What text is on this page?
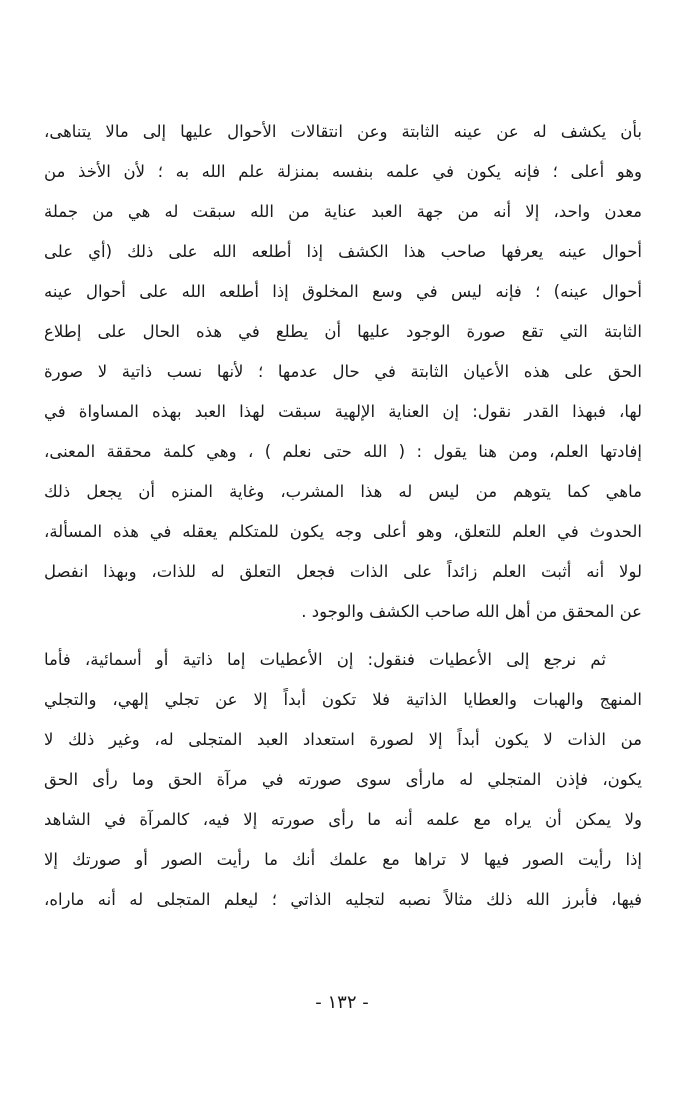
بأن يكشف له عن عينه الثابتة وعن انتقالات الأحوال عليها إلى مالا يتناهى،
وهو أعلى ؛ فإنه يكون في علمه بنفسه بمنزلة علم الله به ؛ لأن الأخذ من
معدن واحد، إلا أنه من جهة العبد عناية من الله سبقت له هي من جملة
أحوال عينه يعرفها صاحب هذا الكشف إذا أطلعه الله على ذلك (أي على
أحوال عينه) ؛ فإنه ليس في وسع المخلوق إذا أطلعه الله على أحوال عينه
الثابتة التي تقع صورة الوجود عليها أن يطلع في هذه الحال على إطلاع
الحق على هذه الأعيان الثابتة في حال عدمها ؛ لأنها نسب ذاتية لا صورة
لها، فبهذا القدر نقول: إن العناية الإلهية سبقت لهذا العبد بهذه المساواة في
إفادتها العلم، ومن هنا يقول : ( الله حتى نعلم ) ، وهي كلمة محققة المعنى،
ماهي كما يتوهم من ليس له هذا المشرب، وغاية المنزه أن يجعل ذلك
الحدوث في العلم للتعلق، وهو أعلى وجه يكون للمتكلم يعقله في هذه المسألة،
لولا أنه أثبت العلم زائداً على الذات فجعل التعلق له للذات، وبهذا انفصل
عن المحقق من أهل الله صاحب الكشف والوجود .
ثم نرجع إلى الأعطيات فنقول: إن الأعطيات إما ذاتية أو أسمائية، فأما
المنهج والهبات والعطايا الذاتية فلا تكون أبداً إلا عن تجلي إلهي، والتجلي
من الذات لا يكون أبداً إلا لصورة استعداد العبد المتجلى له، وغير ذلك لا
يكون، فإذن المتجلي له مارأى سوى صورته في مرآة الحق وما رأى الحق
ولا يمكن أن يراه مع علمه أنه ما رأى صورته إلا فيه، كالمرآة في الشاهد
إذا رأيت الصور فيها لا تراها مع علمك أنك ما رأيت الصور أو صورتك إلا
فيها، فأبرز الله ذلك مثالاً نصبه لتجليه الذاتي ؛ ليعلم المتجلى له أنه ماراه،
- ١٣٢ -
